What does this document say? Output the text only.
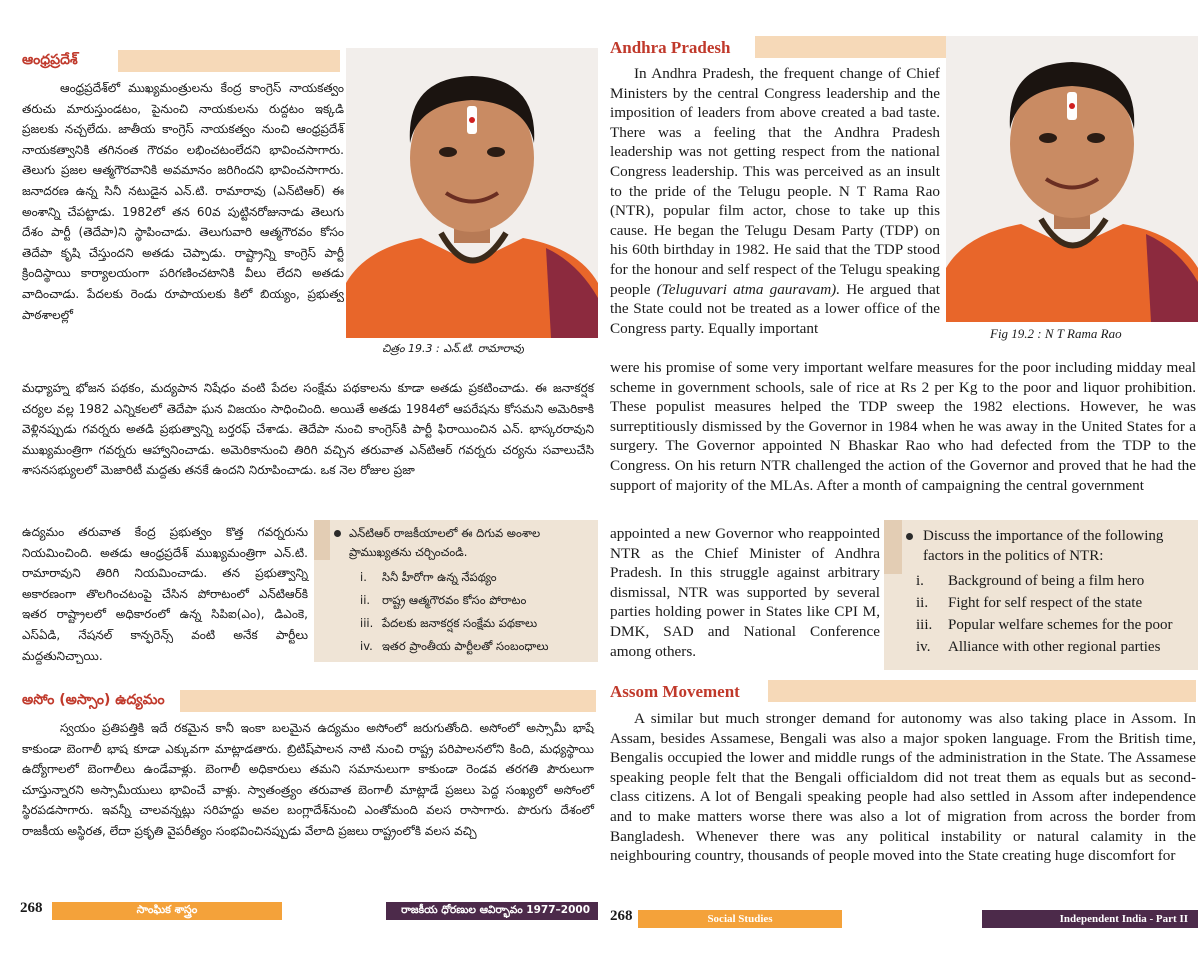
ఆంధ్రప్రదేశ్

ఆంధ్రప్రదేశ్‌లో ముఖ్యమంత్రులను కేంద్ర కాంగ్రెస్ నాయకత్వం తరుచు మారుస్తుండటం, పైనుంచి నాయకులను రుద్దటం ఇక్కడి ప్రజలకు నచ్చలేదు. జాతీయ కాంగ్రెస్ నాయకత్వం నుంచి ఆంధ్రప్రదేశ్ నాయకత్వానికి తగినంత గౌరవం లభించటంలేదని భావించసాగారు. తెలుగు ప్రజల ఆత్మగౌరవానికి అవమానం జరిగిందని భావించసాగారు. జనాదరణ ఉన్న సినీ నటుడైన ఎన్.టి. రామారావు (ఎన్‌టిఆర్) ఈ అంశాన్ని చేపట్టాడు. 1982లో తన 60వ పుట్టినరోజునాడు తెలుగు దేశం పార్టీ (తెదేపా)ని స్థాపించాడు. తెలుగువారి ఆత్మగౌరవం కోసం తెదేపా కృషి చేస్తుందని అతడు చెప్పాడు. రాష్ట్రాన్ని కాంగ్రెస్ పార్టీ క్రిందిస్థాయి కార్యాలయంగా పరిగణించటానికి వీలు లేదని అతడు వాదించాడు. పేదలకు రెండు రూపాయలకు కిలో బియ్యం, ప్రభుత్వ పాఠశాలల్లో

చిత్రం 19.3 : ఎన్.టి. రామారావు

మధ్యాహ్న భోజన పథకం, మద్యపాన నిషేధం వంటి పేదల సంక్షేమ పథకాలను కూడా అతడు ప్రకటించాడు. ఈ జనాకర్షక చర్యల వల్ల 1982 ఎన్నికలలో తెదేపా ఘన విజయం సాధించింది. అయితే అతడు 1984లో ఆపరేషను కోసమని అమెరికాకి వెళ్లినప్పుడు గవర్నరు అతడి ప్రభుత్వాన్ని బర్తరఫ్ చేశాడు. తెదేపా నుంచి కాంగ్రెస్‌కి పార్టీ ఫిరాయించిన ఎన్. భాస్కరరావుని ముఖ్యమంత్రిగా గవర్నరు ఆహ్వానించాడు. అమెరికానుంచి తిరిగి వచ్చిన తరువాత ఎన్‌టిఆర్ గవర్నరు చర్యను సవాలుచేసి శాసనసభ్యులలో మెజారిటీ మద్దతు తనకే ఉందని నిరూపించాడు. ఒక నెల రోజుల ప్రజా

ఉద్యమం తరువాత కేంద్ర ప్రభుత్వం కొత్త గవర్నరును నియమించింది. అతడు ఆంధ్రప్రదేశ్ ముఖ్యమంత్రిగా ఎన్.టి. రామారావుని తిరిగి నియమించాడు. తన ప్రభుత్వాన్ని అకారణంగా తొలగించటంపై చేసిన పోరాటంలో ఎన్‌టిఆర్‌కి ఇతర రాష్ట్రాలలో అధికారంలో ఉన్న సిపిఐ(ఎం), డిఎంకె, ఎస్ఏడి, నేషనల్ కాన్ఫరెన్స్ వంటి అనేక పార్టీలు మద్దతునిచ్చాయి.

ఎన్‌టిఆర్ రాజకీయాలలో ఈ దిగువ అంశాల ప్రాముఖ్యతను చర్చించండి.
i.	సినీ హీరోగా ఉన్న నేపథ్యం
ii.	రాష్ట్ర ఆత్మగౌరవం కోసం పోరాటం
iii. పేదలకు జనాకర్షక సంక్షేమ పథకాలు
iv. ఇతర ప్రాంతీయ పార్టీలతో సంబంధాలు
అసోం (అస్సాం) ఉద్యమం

స్వయం ప్రతిపత్తికి ఇదే రకమైన కానీ ఇంకా బలమైన ఉద్యమం అసోంలో జరుగుతోంది. అసోంలో అస్సామీ భాషే కాకుండా బెంగాలీ భాష కూడా ఎక్కువగా మాట్లాడతారు. బ్రిటిష్‌పాలన నాటి నుంచి రాష్ట్ర పరిపాలనలోని కింది, మధ్యస్థాయి ఉద్యోగాలలో బెంగాలీలు ఉండేవాళ్లు. బెంగాలీ అధికారులు తమని సమానులుగా కాకుండా రెండవ తరగతి పౌరులుగా చూస్తున్నారని అస్సామీయులు భావించే వాళ్లు. స్వాతంత్ర్యం తరువాత బెంగాలీ మాట్లాడే ప్రజలు పెద్ద సంఖ్యలో అసోంలో స్థిరపడసాగారు. ఇవన్నీ చాలవన్నట్లు సరిహద్దు అవల బంగ్లాదేశ్‌నుంచి ఎంతోమంది వలస రాసాగారు. పొరుగు దేశంలో రాజకీయ అస్థిరత, లేదా ప్రకృతి వైపరీత్యం సంభవించినప్పుడు వేలాది ప్రజలు రాష్ట్రంలోకి వలస వచ్చి

268	సాంఘిక శాస్త్రం	రాజకీయ ధోరణుల ఆవిర్భావం 1977–2000
Andhra Pradesh

In Andhra Pradesh, the frequent change of Chief Ministers by the central Congress leadership and the imposition of leaders from above created a bad taste. There was a feeling that the Andhra Pradesh leadership was not getting respect from the national Congress leadership. This was perceived as an insult to the pride of the Telugu people. N T Rama Rao (NTR), popular film actor, chose to take up this cause. He began the Telugu Desam Party (TDP) on his 60th birthday in 1982. He said that the TDP stood for the honour and self respect of the Telugu speaking people (Teluguvari atma gauravam). He argued that the State could not be treated as a lower office of the Congress party. Equally important	Fig 19.2 : N T Rama Rao

were his promise of some very important welfare measures for the poor including midday meal scheme in government schools, sale of rice at Rs 2 per Kg to the poor and liquor prohibition. These populist measures helped the TDP sweep the 1982 elections. However, he was surreptitiously dismissed by the Governor in 1984 when he was away in the United States for a surgery. The Governor appointed N Bhaskar Rao who had defected from the TDP to the Congress. On his return NTR challenged the action of the Governor and proved that he had the support of majority of the MLAs. After a month of campaigning the central government

appointed a new Governor who reappointed NTR as the Chief Minister of Andhra Pradesh. In this struggle against arbitrary dismissal, NTR was supported by several parties holding power in States like CPI M, DMK, SAD and National Conference among others.

Discuss the importance of the following factors in the politics of NTR:
i.	Background of being a film hero
ii.	Fight for self respect of the state
iii.	Popular welfare schemes for the poor
iv.	Alliance with other regional parties
Assom Movement

A similar but much stronger demand for autonomy was also taking place in Assom. In Assam, besides Assamese, Bengali was also a major spoken language. From the British time, Bengalis occupied the lower and middle rungs of the administration in the State. The Assamese speaking people felt that the Bengali officialdom did not treat them as equals but as second-class citizens. A lot of Bengali speaking people had also settled in Assom after independence and to make matters worse there was also a lot of migration from across the border from Bangladesh. Whenever there was any political instability or natural calamity in the neighbouring country, thousands of people moved into the State creating huge discomfort for

268	Social Studies	Independent India - Part II
